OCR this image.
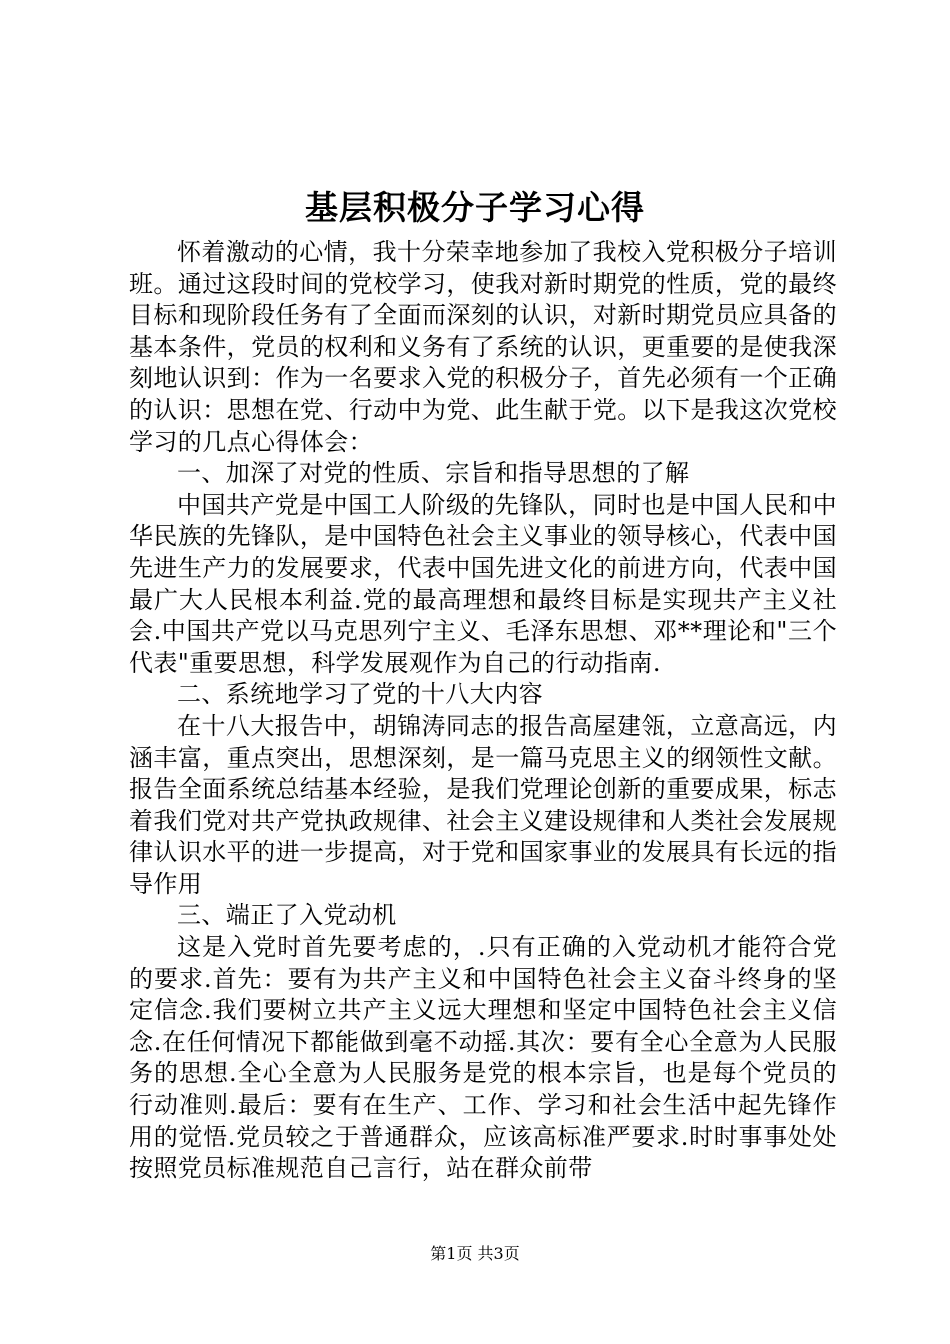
基层积极分子学习心得

怀着激动的心情，我十分荣幸地参加了我校入党积极分子培训班。通过这段时间的党校学习，使我对新时期党的性质，党的最终目标和现阶段任务有了全面而深刻的认识，对新时期党员应具备的基本条件，党员的权利和义务有了系统的认识，更重要的是使我深刻地认识到：作为一名要求入党的积极分子，首先必须有一个正确的认识：思想在党、行动中为党、此生献于党。以下是我这次党校学习的几点心得体会：

一、加深了对党的性质、宗旨和指导思想的了解

中国共产党是中国工人阶级的先锋队，同时也是中国人民和中华民族的先锋队，是中国特色社会主义事业的领导核心，代表中国先进生产力的发展要求，代表中国先进文化的前进方向，代表中国最广大人民根本利益.党的最高理想和最终目标是实现共产主义社会.中国共产党以马克思列宁主义、毛泽东思想、邓**理论和"三个代表"重要思想，科学发展观作为自己的行动指南.

二、系统地学习了党的十八大内容

在十八大报告中，胡锦涛同志的报告高屋建瓴，立意高远，内涵丰富，重点突出，思想深刻，是一篇马克思主义的纲领性文献。报告全面系统总结基本经验，是我们党理论创新的重要成果，标志着我们党对共产党执政规律、社会主义建设规律和人类社会发展规律认识水平的进一步提高，对于党和国家事业的发展具有长远的指导作用

三、端正了入党动机

这是入党时首先要考虑的，.只有正确的入党动机才能符合党的要求.首先：要有为共产主义和中国特色社会主义奋斗终身的坚定信念.我们要树立共产主义远大理想和坚定中国特色社会主义信念.在任何情况下都能做到毫不动摇.其次：要有全心全意为人民服务的思想.全心全意为人民服务是党的根本宗旨，也是每个党员的行动准则.最后：要有在生产、工作、学习和社会生活中起先锋作用的觉悟.党员较之于普通群众，应该高标准严要求.时时事事处处按照党员标准规范自己言行，站在群众前带

第1页 共3页
